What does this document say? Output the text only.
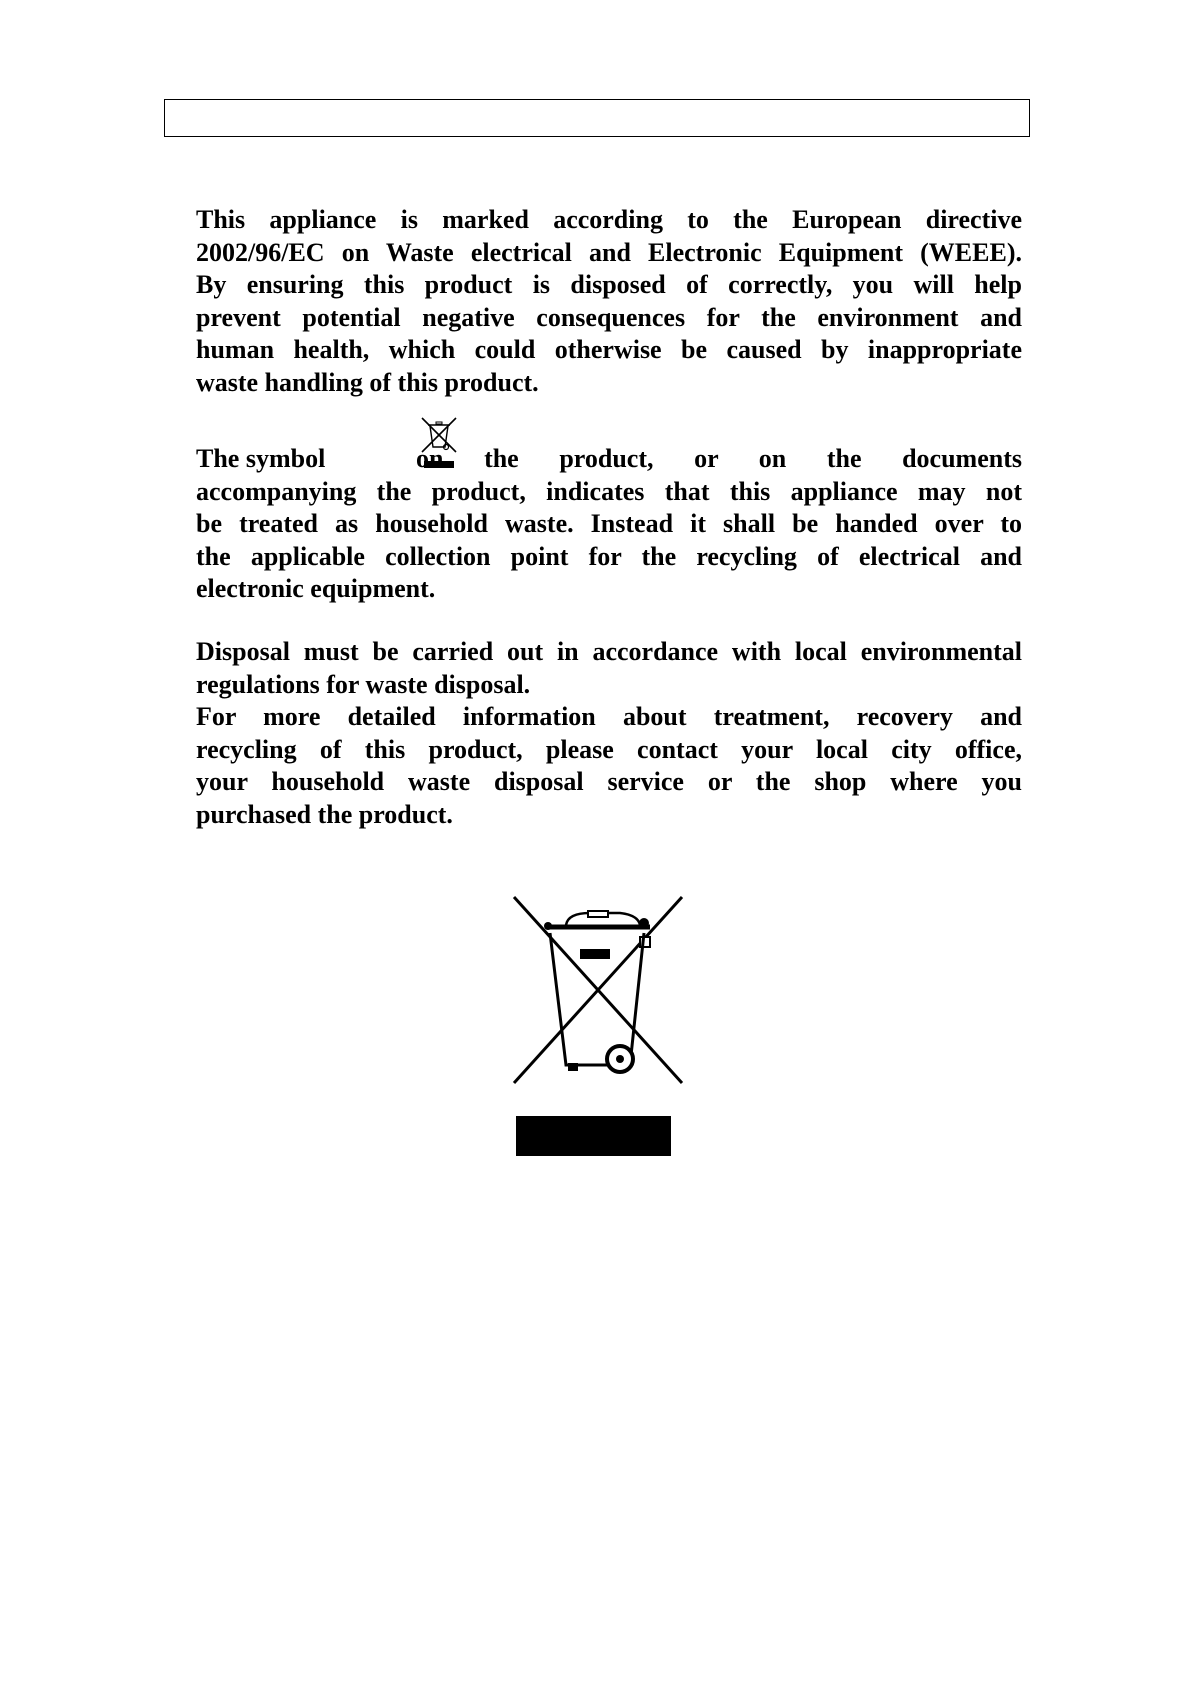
This appliance is marked according to the European directive
2002/96/EC on Waste electrical and Electronic Equipment (WEEE).
By ensuring this product is disposed of correctly, you will help
prevent potential negative consequences for the environment and
human health, which could otherwise be caused by inappropriate
waste handling of this product.
The symbol	on the product, or on the documents
accompanying the product, indicates that this appliance may not
be treated as household waste. Instead it shall be handed over to
the applicable collection point for the recycling of electrical and
electronic equipment.
Disposal must be carried out in accordance with local environmental
regulations for waste disposal.
For more detailed information about treatment, recovery and
recycling of this product, please contact your local city office,
your household waste disposal service or the shop where you
purchased the product.
